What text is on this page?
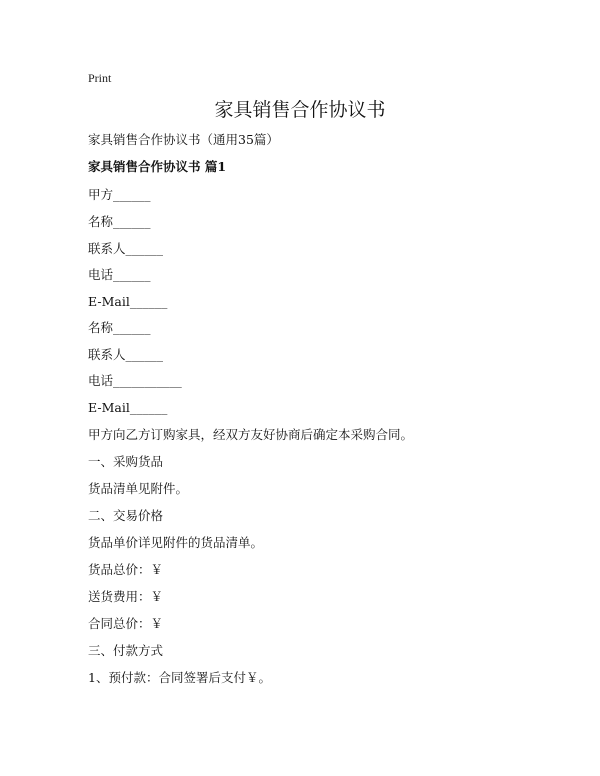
Print
家具销售合作协议书
家具销售合作协议书（通用35篇）
家具销售合作协议书 篇1
甲方______
名称______
联系人______
电话______
E-Mail______
名称______
联系人______
电话___________
E-Mail______
甲方向乙方订购家具，经双方友好协商后确定本采购合同。
一、采购货品
货品清单见附件。
二、交易价格
货品单价详见附件的货品清单。
货品总价：￥
送货费用：￥
合同总价：￥
三、付款方式
1、预付款：合同签署后支付￥。
